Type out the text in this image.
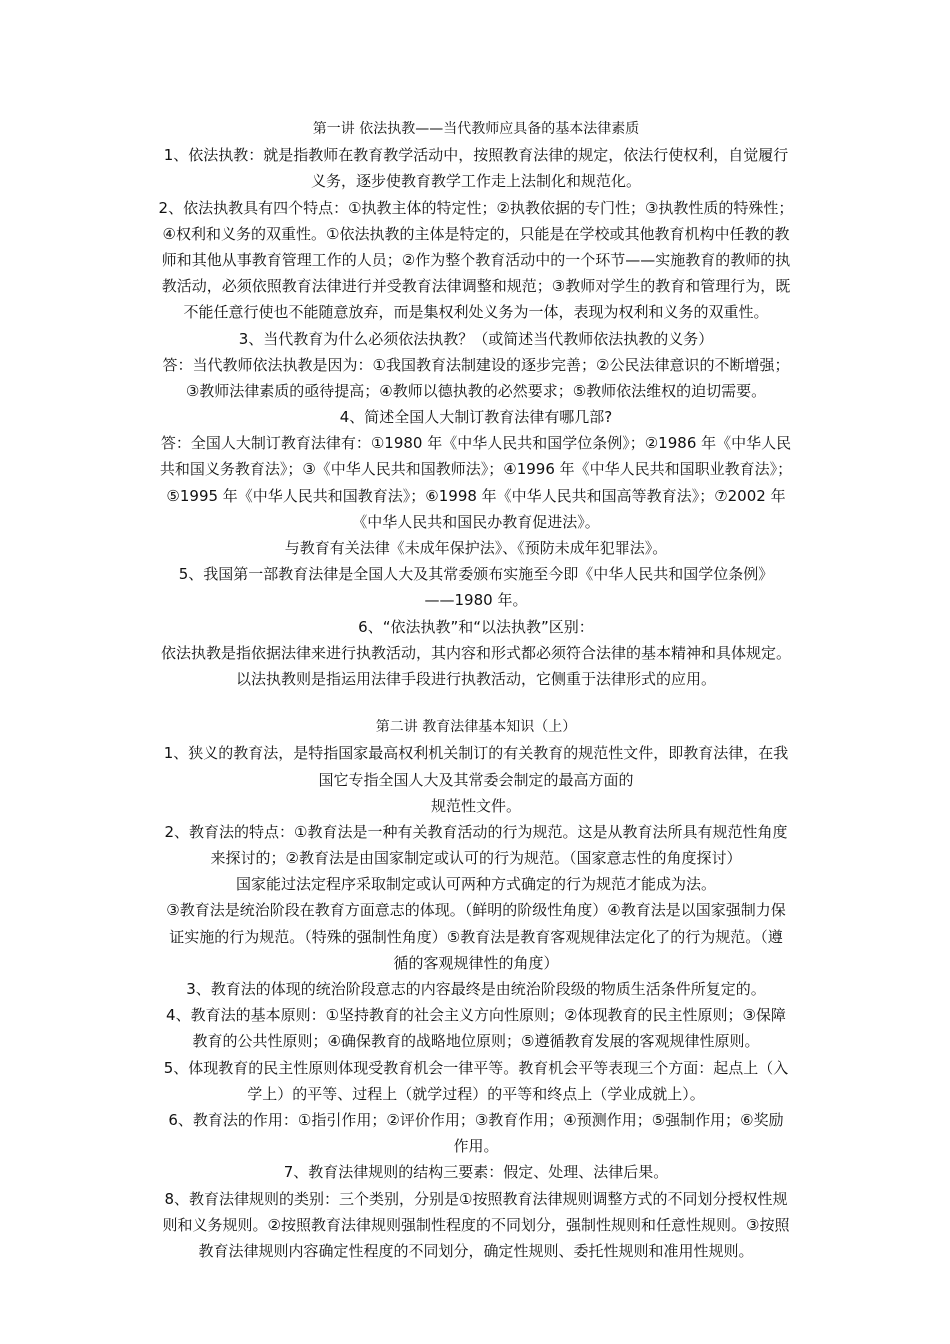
第一讲 依法执教——当代教师应具备的基本法律素质
1、依法执教：就是指教师在教育教学活动中，按照教育法律的规定，依法行使权利，自觉履行
义务，逐步使教育教学工作走上法制化和规范化。
2、依法执教具有四个特点：①执教主体的特定性；②执教依据的专门性；③执教性质的特殊性；
④权利和义务的双重性。①依法执教的主体是特定的，只能是在学校或其他教育机构中任教的教
师和其他从事教育管理工作的人员；②作为整个教育活动中的一个环节——实施教育的教师的执
教活动，必须依照教育法律进行并受教育法律调整和规范；③教师对学生的教育和管理行为，既
不能任意行使也不能随意放弃，而是集权利处义务为一体，表现为权利和义务的双重性。
3、当代教育为什么必须依法执教？（或简述当代教师依法执教的义务）
答：当代教师依法执教是因为：①我国教育法制建设的逐步完善；②公民法律意识的不断增强；
③教师法律素质的亟待提高；④教师以德执教的必然要求；⑤教师依法维权的迫切需要。
4、简述全国人大制订教育法律有哪几部?
答：全国人大制订教育法律有：①1980 年《中华人民共和国学位条例》；②1986 年《中华人民
共和国义务教育法》；③《中华人民共和国教师法》；④1996 年《中华人民共和国职业教育法》；
⑤1995 年《中华人民共和国教育法》；⑥1998 年《中华人民共和国高等教育法》；⑦2002 年
《中华人民共和国民办教育促进法》。
与教育有关法律《未成年保护法》、《预防未成年犯罪法》。
5、我国第一部教育法律是全国人大及其常委颁布实施至今即《中华人民共和国学位条例》
——1980 年。
6、“依法执教”和“以法执教”区别：
依法执教是指依据法律来进行执教活动，其内容和形式都必须符合法律的基本精神和具体规定。
以法执教则是指运用法律手段进行执教活动，它侧重于法律形式的应用。
第二讲 教育法律基本知识（上）
1、狭义的教育法，是特指国家最高权利机关制订的有关教育的规范性文件，即教育法律，在我
国它专指全国人大及其常委会制定的最高方面的
规范性文件。
2、教育法的特点：①教育法是一种有关教育活动的行为规范。这是从教育法所具有规范性角度
来探讨的；②教育法是由国家制定或认可的行为规范。（国家意志性的角度探讨）
国家能过法定程序采取制定或认可两种方式确定的行为规范才能成为法。
③教育法是统治阶段在教育方面意志的体现。（鲜明的阶级性角度）④教育法是以国家强制力保
证实施的行为规范。（特殊的强制性角度）⑤教育法是教育客观规律法定化了的行为规范。（遵
循的客观规律性的角度）
3、教育法的体现的统治阶段意志的内容最终是由统治阶段级的物质生活条件所复定的。
4、教育法的基本原则：①坚持教育的社会主义方向性原则；②体现教育的民主性原则；③保障
教育的公共性原则；④确保教育的战略地位原则；⑤遵循教育发展的客观规律性原则。
5、体现教育的民主性原则体现受教育机会一律平等。教育机会平等表现三个方面：起点上（入
学上）的平等、过程上（就学过程）的平等和终点上（学业成就上）。
6、教育法的作用：①指引作用；②评价作用；③教育作用；④预测作用；⑤强制作用；⑥奖励
作用。
7、教育法律规则的结构三要素：假定、处理、法律后果。
8、教育法律规则的类别：三个类别，分别是①按照教育法律规则调整方式的不同划分授权性规
则和义务规则。②按照教育法律规则强制性程度的不同划分，强制性规则和任意性规则。③按照
教育法律规则内容确定性程度的不同划分，确定性规则、委托性规则和准用性规则。
